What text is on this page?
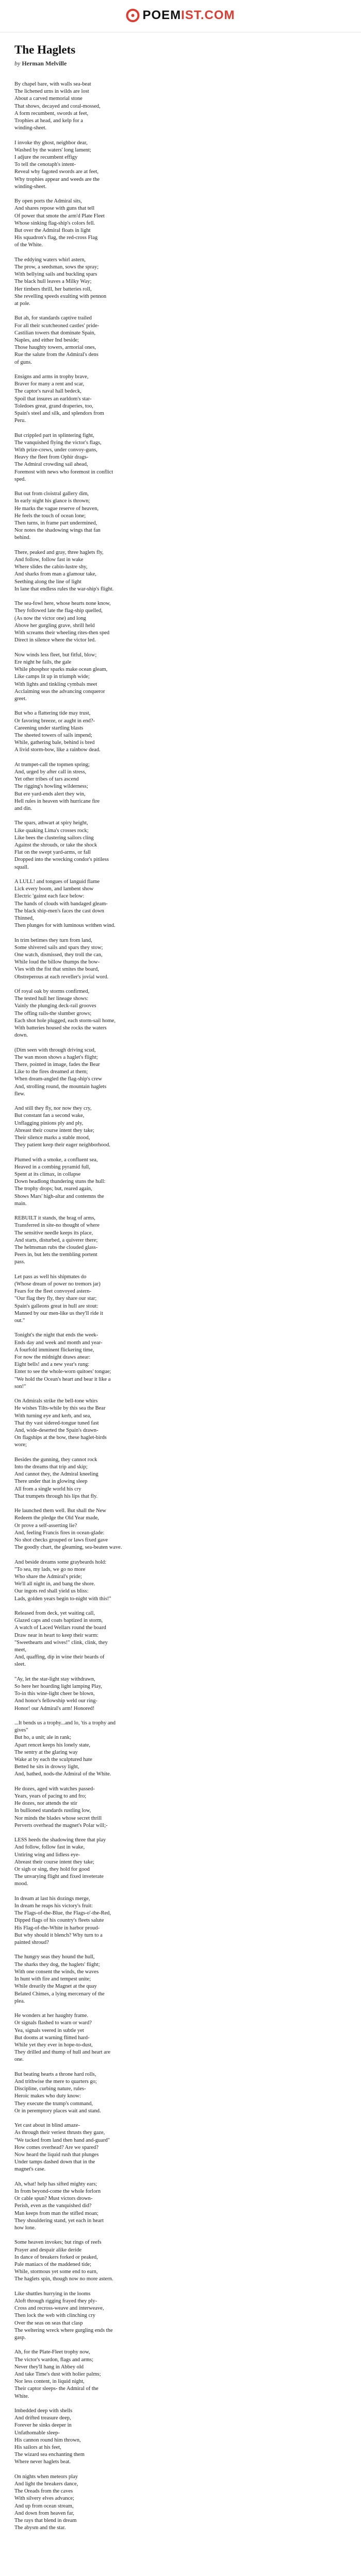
POEMIST.COM
The Haglets
by Herman Melville
By chapel bare, with walls sea-beat
The lichened urns in wilds are lost
About a carved memorial stone
That shows, decayed and coral-mossed,
A form recumbent, swords at feet,
Trophies at head, and kelp for a
winding-sheet.
I invoke thy ghost, neighbor dear,
Washed by the waters' long lament;
I adjure the recumbent effigy
To tell the cenotaph's intent-
Reveal why fagoted swords are at feet,
Why trophies appear and weeds are the
winding-sheet.
By open ports the Admiral sits,
And shares repose with guns that tell
Of power that smote the arm'd Plate Fleet
Whose sinking flag-ship's colors fell.
But over the Admiral floats in light
His squadron's flag, the red-cross Flag
of the White.
The eddying waters whirl astern,
The prow, a seedsman, sows the spray;
With bellying sails and buckling spars
The black hull leaves a Milky Way;
Her timbers thrill, her batteries roll,
She revelling speeds exulting with pennon
at pole.
But ah, for standards captive trailed
For all their scutcheoned castles' pride-
Castilian towers that dominate Spain,
Naples, and either Ind beside;
Those haughty towers, armorial ones,
Rue the salute from the Admiral's dens
of guns.
Ensigns and arms in trophy brave,
Braver for many a rent and scar,
The captor's naval hall bedeck,
Spoil that insures an earldom's star-
Toledoes great, grand draperies, too,
Spain's steel and silk, and splendors from
Peru.
But crippled part in splintering fight,
The vanquished flying the victor's flags,
With prize-crews, under convoy-guns,
Heavy the fleet from Ophir drags-
The Admiral crowding sail ahead,
Foremost with news who foremost in conflict
sped.
But out from cloistral gallery dim,
In early night his glance is thrown;
He marks the vague reserve of heaven,
He feels the touch of ocean lone;
Then turns, in frame part undermined,
Nor notes the shadowing wings that fan
behind.
There, peaked and gray, three haglets fly,
And follow, follow fast in wake
Where slides the cabin-lustre shy,
And sharks from man a glamour take,
Seething along the line of light
In lane that endless rules the war-ship's flight.
The sea-fowl here, whose hearts none know,
They followed late the flag-ship quelled,
(As now the victor one) and long
Above her gurgling grave, shrill held
With screams their wheeling rites-then sped
Direct in silence where the victor led.
Now winds less fleet, but fitful, blow;
Ere night he fails, the gale
While phosphor sparks make ocean gleam,
Like camps lit up in triumph wide;
With lights and tinkling cymbals meet
Acclaiming seas the advancing conqueror
greet.
But who a flattering tide may trust,
Or favoring breeze, or aught in end?-
Careening under startling blasts
The sheeted towers of sails impend;
While, gathering bale, behind is bred
A livid storm-bow, like a rainbow dead.
At trumpet-call the topmen spring;
And, urged by after call in stress,
Yet other tribes of tars ascend
The rigging's howling wilderness;
But ere yard-ends alert they win,
Hell rules in heaven with hurricane fire
and din.
The spars, athwart at spiry height,
Like quaking Lima's crosses rock;
Like bees the clustering sailors cling
Against the shrouds, or take the shock
Flat on the swept yard-arms, or fall
Dropped into the wrecking condor's pitiless
squall.
A LULL! and tongues of languid flame
Lick every boom, and lambent show
Electric 'gainst each face below:
The hands of clouds with bandaged gleam-
The black ship-men's faces the cast down
Thinned,
Then plunges for with luminous writhen wind.
In trim betimes they turn from land,
Some shivered sails and spars they stow;
One watch, dismissed, they troll the can,
While loud the billow thumps the bow-
Vies with the fist that smites the board,
Obstreperous at each reveller's jovial word.
Of royal oak by storms confirmed,
The tested hull her lineage shows:
Vainly the plunging deck-rail grooves
The offing rails-the slumber grows;
Each shot hole plugged, each storm-sail home,
With batteries housed she rocks the waters
down.
(Dim seen with through driving scud,
The wan moon shows a haglet's flight;
There, pointed in image, fades the Bear
Like to the fires dreamed at them;
When dream-angled the flag-ship's crew
And, strolling round, the mountain haglets
flew.
And still they fly, nor now they cry,
But constant fan a second wake,
Unflagging pinions ply and ply,
Abreast their course intent they take;
Their silence marks a stable mood,
They patient keep their eager neighborhood.
Plumed with a smoke, a confluent sea,
Heaved in a combing pyramid full,
Spent at its climax, in collapse
Down headlong thundering stuns the hull:
The trophy drops; but, reared again,
Shows Mars' high-altar and contemns the
main.
REBUILT it stands, the brag of arms,
Transferred in site-no thought of where
The sensitive needle keeps its place,
And starts, disturbed, a quiverer there;
The helmsman rubs the clouded glass-
Peers in, but lets the trembling portent
pass.
Let pass as well his shipmates do
(Whose dream of power no tremors jar)
Fears for the fleet convoyed astern-
"Our flag they fly, they share our star;
Spain's galleons great in hull are stout:
Manned by our men-like us they'll ride it
out."
Tonight's the night that ends the week-
Ends day and week and month and year-
A fourfold imminent flickering time,
For now the midnight draws anear:
Eight bells! and a new year's rung:
Enter to see the whole-worn quitoes' tongue;
"We hold the Ocean's heart and bear it like a
son!"
On Admirals strike the bell-tone whirs
He wishes Tilts-while by this sea the Bear
With turning eye and kerb, and sea,
That thy vast sidered-tongue tuned fast
And, wide-deserted the Spain's drawn-
On flagships at the bow, these haglet-birds
wore;
Besides the gunning, they cannot rock
Into the dreams that trip and skip;
And cannot they, the Admiral kneeling
There under that in glowing sleep
All from a single world his cry
That trumpets through his lips that fly.
He launched them well. But shall the New
Redeem the pledge the Old Year made,
Or prove a self-asserting lie?
And, feeling Francis fires in ocean-glade:
No shot checks grouped or laws fixed gave
The goodly chart, the gleaming, sea-beaten wave.
And beside dreams some graybeards hold:
"To sea, my lads, we go no more
Who share the Admiral's pride;
We'll all night in, and bang the shore.
Our ingots red shall yield us bliss:
Lads, golden years begin to-night with this!"
Released from deck, yet waiting call,
Glazed caps and coats baptized in storm,
A watch of Laced Wellars round the board
Draw near in heart to keep their warm:
"Sweethearts and wives!" clink, clink, they
meet,
And, quaffing, dip in wine their beards of
sleet.
"Ay, let the star-light stay withdrawn,
So here her hoarding light lamping Play,
To-in this wine-light cheer be blown,
And honor's fellowship weld our ring-
Honor! our Admiral's arm! Honored!
...It bends us a trophy...and lo, 'tis a trophy and
gives"
But ho, a unit; ale in rank;
Apart rencet keeps his lonely state,
The sentry at the glaring way
Wake at by each the sculptured hate
Betted he sits in drowsy light,
And, bathed, nods-the Admiral of the White.
He dozes, aged with watches passed-
Years, years of pacing to and fro;
He dozes, nor attends the stir
In bullioned standards rustling low,
Nor minds the blades whose secret thrill
Perverts overhead the magnet's Polar will;-
LESS heeds the shadowing three that play
And follow, follow fast in wake,
Untiring wing and lidless eye-
Abreast their course intent they take;
Or sigh or sing, they hold for good
The unvarying flight and fixed inveterate
mood.
In dream at last his dozings merge,
In dream he reaps his victory's fruit:
The Flags-of-the-Blue, the Flags-o'-the-Red,
Dipped flags of his country's fleets salute
His Flag-of-the-White in harbor proud-
But why should it blench? Why turn to a
painted shroud?
The hungry seas they hound the hull,
The sharks they dog, the haglets' flight;
With one consent the winds, the waves
In hunt with fire and tempest unite;
While drearily the Magnet at the quay
Belated Chimes, a lying mercenary of the
plea.
He wonders at her haughty frame.
Or signals flashed to warn or ward?
Yea, signals veered in subtle yet
But dooms at warning flitted hard-
While yet they ever in hope-to-dust,
They drilled and thump of hull and heart are
one.
But beating hearts a throne hard rolls,
And trithwise the mere to quarters go;
Discipline, curbing nature, rules-
Heroic makes who duty know:
They execute the trump's command,
Or in peremptory places wait and stand.
Yet cast about in blind amaze-
As through their veriest thrusts they gaze,
"We tacked from land then hand and-guard"
How comes overhead? Are we spared?
Now heard the liquid rush that plunges
Under tamps dashed down that in the
magnet's case.
Ah, what! help has sifted mighty ears;
In from beyond-come the whole forlorn
Or cable spun? Must victors drown-
Perish, even as the vanquished did?
Man keeps from man the stifled moan;
They shouldering stand, yet each in heart
how lone.
Some heaven invokes; but rings of reefs
Prayer and despair alike deride
In dance of breakers forked or peaked,
Pale maniacs of the maddened tide;
While, stormous yet some end to earn,
The haglets spin, though now no more astern.
Like shuttles hurrying in the looms
Aloft through rigging frayed they ply-
Cross and recross-weave and interweave,
Then lock the web with clinching cry
Over the seas on seas that clasp
The weltering wreck where gurgling ends the
gasp.
Ah, for the Plate-Fleet trophy now,
The victor's wardon, flags and arms;
Never they'll hang in Abbey old
And take Time's dust with holier palms;
Nor less content, in liquid night,
Their captor sleeps- the Admiral of the
White.
Imbedded deep with shells
And drifted treasure deep,
Forever he sinks deeper in
Unfathomable sleep-
His cannon round him thrown,
His sailors at his feet,
The wizard sea enchanting them
Where never haglets beat.
On nights when meteors play
And light the breakers dance,
The Oreads from the caves
With silvery elves advance;
And up from ocean stream,
And down from heaven far,
The rays that blend in dream
The abysm and the star.
